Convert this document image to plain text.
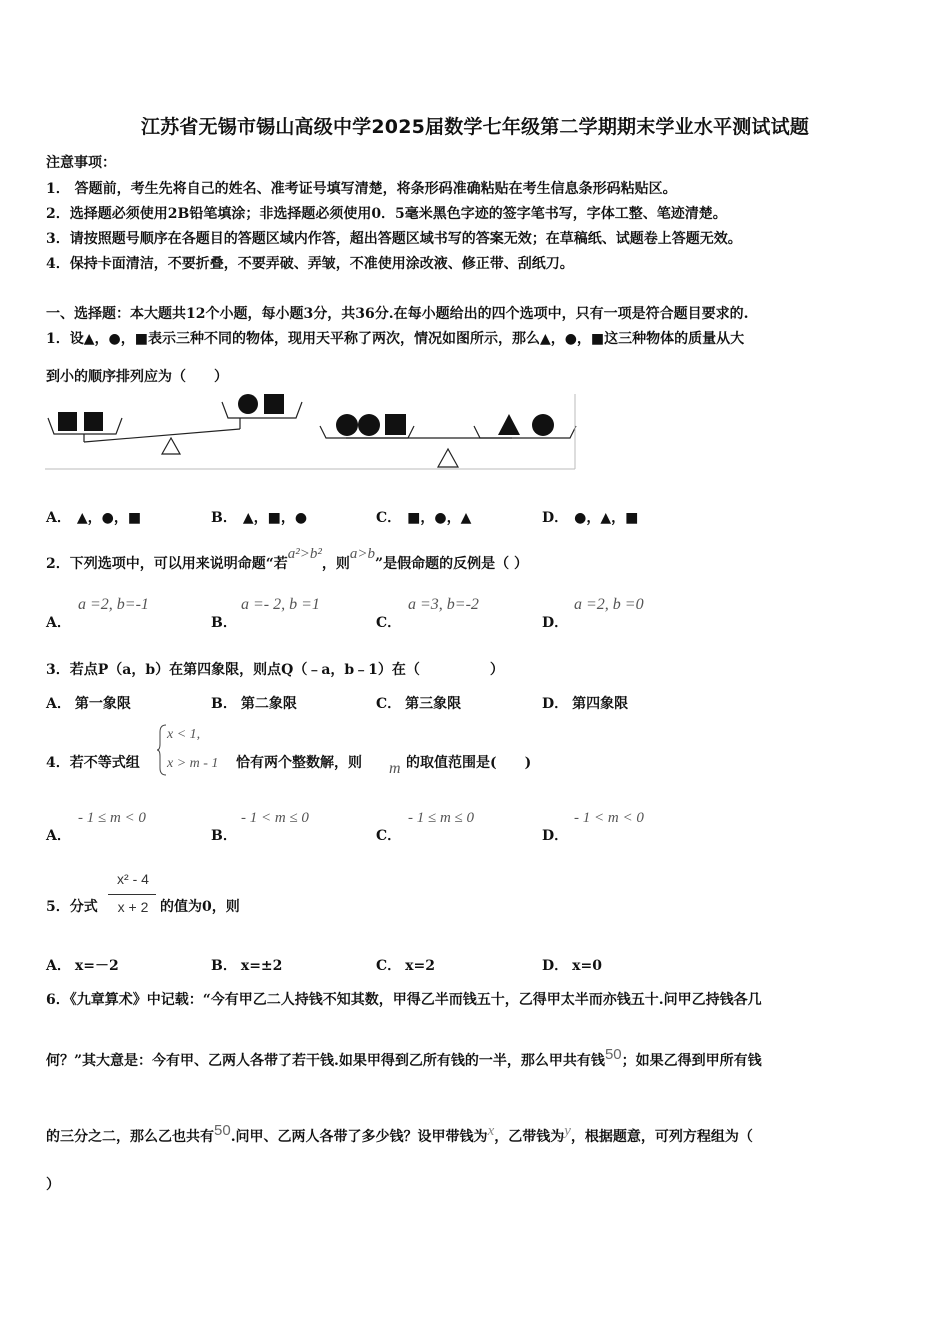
江苏省无锡市锡山高级中学2025届数学七年级第二学期期末学业水平测试试题
注意事项：
1． 答题前，考生先将自己的姓名、准考证号填写清楚，将条形码准确粘贴在考生信息条形码粘贴区。
2．选择题必须使用2B铅笔填涂；非选择题必须使用0．5毫米黑色字迹的签字笔书写，字体工整、笔迹清楚。
3．请按照题号顺序在各题目的答题区域内作答，超出答题区域书写的答案无效；在草稿纸、试题卷上答题无效。
4．保持卡面清洁，不要折叠，不要弄破、弄皱，不准使用涂改液、修正带、刮纸刀。
一、选择题：本大题共12个小题，每小题3分，共36分.在每小题给出的四个选项中，只有一项是符合题目要求的.
1．设▲，●，■表示三种不同的物体，现用天平称了两次，情况如图所示，那么▲，●，■这三种物体的质量从大
到小的顺序排列应为（　　）
A． ▲，●，■	B． ▲，■，●	C． ■，●，▲	D． ●，▲，■
2．下列选项中，可以用来说明命题“若a²>b²，则a>b”是假命题的反例是（ ）
A．
a =2, b=-1
B．
a =- 2, b =1
C．
a =3, b=-2
D．
a =2, b =0
3．若点P（a，b）在第四象限，则点Q（﹣a，b﹣1）在（　　　　　）
A． 第一象限	B． 第二象限	C． 第三象限	D． 第四象限
4．若不等式组
x < 1,
x > m - 1 恰有两个整数解，则 m 的取值范围是(　　)
A．
- 1 ≤ m < 0
B．
- 1 < m ≤ 0
C．
- 1 ≤ m ≤ 0
D．
- 1 < m < 0
5．分式
x² - 4
x + 2 的值为0，则
A． x=－2	B． x=±2	C． x=2	D． x=0
6．《九章算术》中记载：“今有甲乙二人持钱不知其数，甲得乙半而钱五十，乙得甲太半而亦钱五十.问甲乙持钱各几
何？”其大意是：今有甲、乙两人各带了若干钱.如果甲得到乙所有钱的一半，那么甲共有钱50；如果乙得到甲所有钱
的三分之二，那么乙也共有50.问甲、乙两人各带了多少钱？设甲带钱为x，乙带钱为y，根据题意，可列方程组为（
）
